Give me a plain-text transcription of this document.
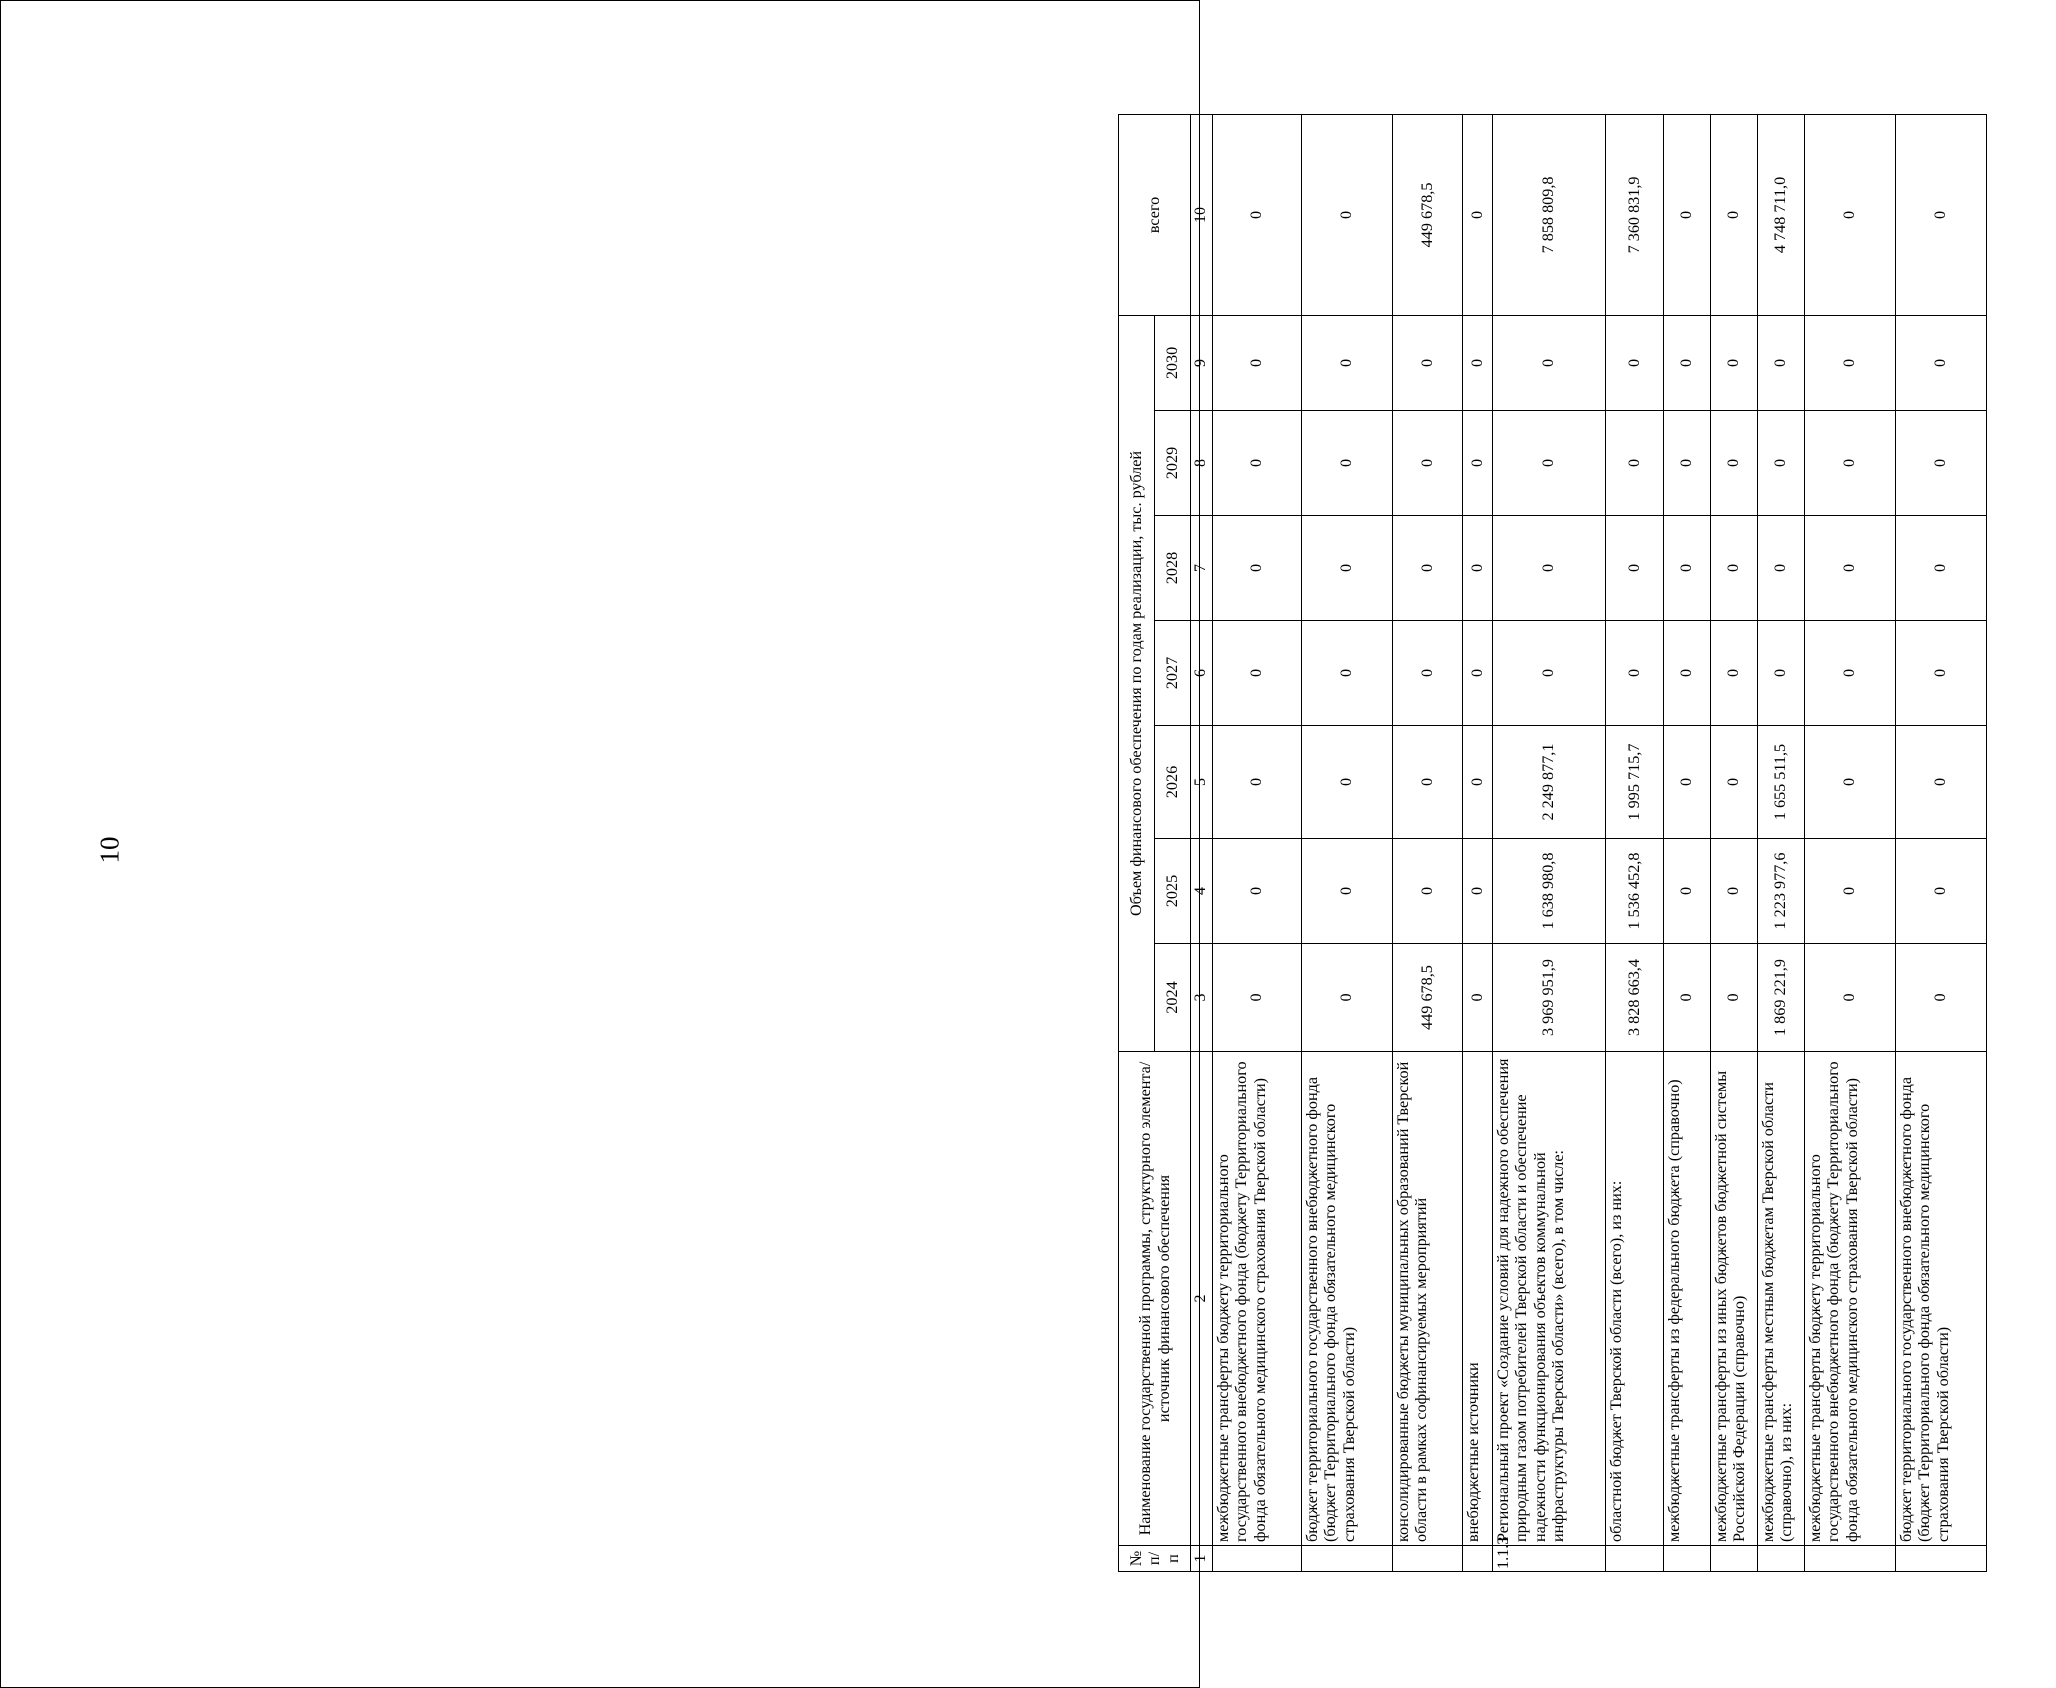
10
№ п/п	Наименование государственной программы, структурного элемента/источник финансового обеспечения	Объем финансового обеспечения по годам реализации, тыс. рублей							всего
		2024	2025	2026	2027	2028	2029	2030	
1	2	3	4	5	6	7	8	9	10
	межбюджетные трансферты бюджету территориального государственного внебюджетного фонда (бюджету Территориального фонда обязательного медицинского страхования Тверской области)	0	0	0	0	0	0	0	0
	бюджет территориального государственного внебюджетного фонда (бюджет Территориального фонда обязательного медицинского страхования Тверской области)	0	0	0	0	0	0	0	0
	консолидированные бюджеты муниципальных образований Тверской области в рамках софинансируемых мероприятий	449 678,5	0	0	0	0	0	0	449 678,5
	внебюджетные источники	0	0	0	0	0	0	0	0
1.1.3	Региональный проект «Создание условий для надежного обеспечения природным газом потребителей Тверской области и обеспечение надежности функционирования объектов коммунальной инфраструктуры Тверской области» (всего), в том числе:	3 969 951,9	1 638 980,8	2 249 877,1	0	0	0	0	7 858 809,8
	областной бюджет Тверской области (всего), из них:	3 828 663,4	1 536 452,8	1 995 715,7	0	0	0	0	7 360 831,9
	межбюджетные трансферты из федерального бюджета (справочно)	0	0	0	0	0	0	0	0
	межбюджетные трансферты из иных бюджетов бюджетной системы Российской Федерации (справочно)	0	0	0	0	0	0	0	0
	межбюджетные трансферты местным бюджетам Тверской области (справочно), из них:	1 869 221,9	1 223 977,6	1 655 511,5	0	0	0	0	4 748 711,0
	межбюджетные трансферты бюджету территориального государственного внебюджетного фонда (бюджету Территориального фонда обязательного медицинского страхования Тверской области)	0	0	0	0	0	0	0	0
	бюджет территориального государственного внебюджетного фонда (бюджет Территориального фонда обязательного медицинского страхования Тверской области)	0	0	0	0	0	0	0	0
